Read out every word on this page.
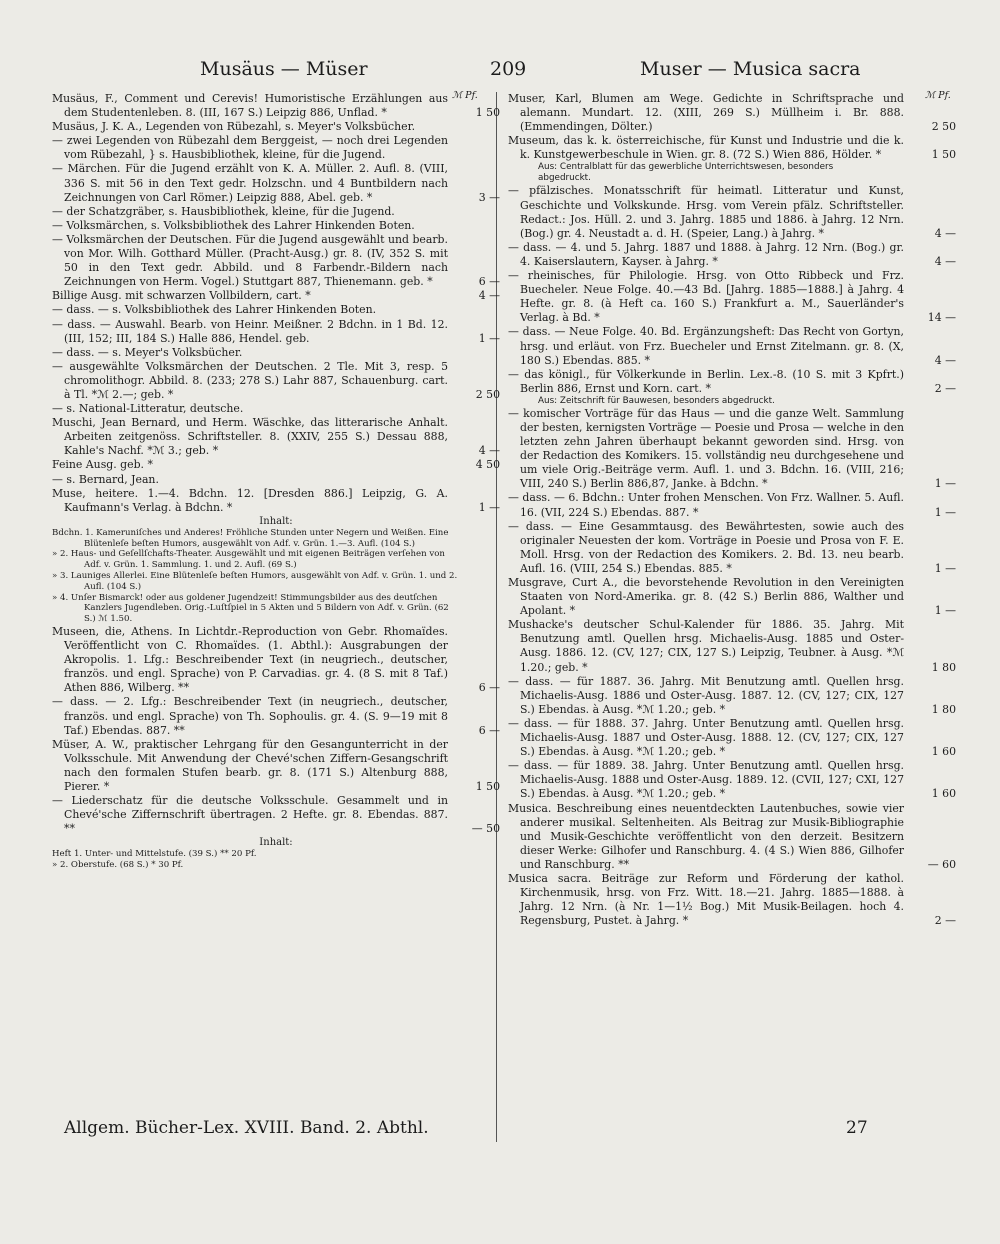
Musäus — Müser	209	Muser — Musica sacra
ℳ Pf.	ℳ Pf.
Musäus, F., Comment und Cerevis! Humoristische Erzählungen aus dem Studentenleben. 8. (III, 167 S.) Leipzig 886, Unflad. *	1 50
Musäus, J. K. A., Legenden von Rübezahl, s. Meyer's Volksbücher.
— zwei Legenden von Rübezahl dem Berggeist, — noch drei Legenden vom Rübezahl, } s. Hausbibliothek, kleine, für die Jugend.
— Märchen. Für die Jugend erzählt von K. A. Müller. 2. Aufl. 8. (VIII, 336 S. mit 56 in den Text gedr. Holzschn. und 4 Buntbildern nach Zeichnungen von Carl Römer.) Leipzig 888, Abel. geb. *	3 —
— der Schatzgräber, s. Hausbibliothek, kleine, für die Jugend.
— Volksmärchen, s. Volksbibliothek des Lahrer Hinkenden Boten.
— Volksmärchen der Deutschen. Für die Jugend ausgewählt und bearb. von Mor. Wilh. Gotthard Müller. (Pracht-Ausg.) gr. 8. (IV, 352 S. mit 50 in den Text gedr. Abbild. und 8 Farbendr.-Bildern nach Zeichnungen von Herm. Vogel.) Stuttgart 887, Thienemann. geb. *	6 —
Billige Ausg. mit schwarzen Vollbildern, cart. *	4 —
— dass. — s. Volksbibliothek des Lahrer Hinkenden Boten.
— dass. — Auswahl. Bearb. von Heinr. Meißner. 2 Bdchn. in 1 Bd. 12. (III, 152; III, 184 S.) Halle 886, Hendel. geb.	1 —
— dass. — s. Meyer's Volksbücher.
— ausgewählte Volksmärchen der Deutschen. 2 Tle. Mit 3, resp. 5 chromolithogr. Abbild. 8. (233; 278 S.) Lahr 887, Schauenburg. cart. à Tl. *ℳ 2.—; geb. *	2 50
— s. National-Litteratur, deutsche.
Muschi, Jean Bernard, und Herm. Wäschke, das litterarische Anhalt. Arbeiten zeitgenöss. Schriftsteller. 8. (XXIV, 255 S.) Dessau 888, Kahle's Nachf. *ℳ 3.; geb. *	4 —
Feine Ausg. geb. *	4 50
— s. Bernard, Jean.
Muse, heitere. 1.—4. Bdchn. 12. [Dresden 886.] Leipzig, G. A. Kaufmann's Verlag. à Bdchn. *	1 —
Inhalt:

Bdchn. 1. Kameruniſches und Anderes! Fröhliche Stunden unter Negern und Weißen. Eine Blütenleſe beſten Humors, ausgewählt von Adf. v. Grün. 1.—3. Aufl. (104 S.)

» 2. Haus- und Geſellſchafts-Theater. Ausgewählt und mit eigenen Beiträgen verſehen von Adf. v. Grün. 1. Sammlung. 1. und 2. Aufl. (69 S.)

» 3. Launiges Allerlei. Eine Blütenleſe beſten Humors, ausgewählt von Adf. v. Grün. 1. und 2. Aufl. (104 S.)

» 4. Unſer Bismarck! oder aus goldener Jugendzeit! Stimmungsbilder aus des deutſchen Kanzlers Jugendleben. Orig.-Luſtſpiel in 5 Akten und 5 Bildern von Adf. v. Grün. (62 S.) ℳ 1.50.

Museen, die, Athens. In Lichtdr.-Reproduction von Gebr. Rhomaïdes. Veröffentlicht von C. Rhomaïdes. (1. Abthl.): Ausgrabungen der Akropolis. 1. Lfg.: Beschreibender Text (in neugriech., deutscher, französ. und engl. Sprache) von P. Carvadias. gr. 4. (8 S. mit 8 Taf.) Athen 886, Wilberg. **	6 —
— dass. — 2. Lfg.: Beschreibender Text (in neugriech., deutscher, französ. und engl. Sprache) von Th. Sophoulis. gr. 4. (S. 9—19 mit 8 Taf.) Ebendas. 887. **	6 —
Müser, A. W., praktischer Lehrgang für den Gesangunterricht in der Volksschule. Mit Anwendung der Chevé'schen Ziffern-Gesangschrift nach den formalen Stufen bearb. gr. 8. (171 S.) Altenburg 888, Pierer. *	1 50
— Liederschatz für die deutsche Volksschule. Gesammelt und in Chevé'sche Ziffernschrift übertragen. 2 Hefte. gr. 8. Ebendas. 887. **	— 50
Inhalt:

Heft 1. Unter- und Mittelstufe. (39 S.) ** 20 Pf.

» 2. Oberstufe. (68 S.) * 30 Pf.

Muser, Karl, Blumen am Wege. Gedichte in Schriftsprache und alemann. Mundart. 12. (XIII, 269 S.) Müllheim i. Br. 888. (Emmendingen, Dölter.)	2 50
Museum, das k. k. österreichische, für Kunst und Industrie und die k. k. Kunstgewerbeschule in Wien. gr. 8. (72 S.) Wien 886, Hölder. *	1 50
Aus: Centralblatt für das gewerbliche Unterrichtswesen, besonders abgedruckt.
— pfälzisches. Monatsschrift für heimatl. Litteratur und Kunst, Geschichte und Volkskunde. Hrsg. vom Verein pfälz. Schriftsteller. Redact.: Jos. Hüll. 2. und 3. Jahrg. 1885 und 1886. à Jahrg. 12 Nrn. (Bog.) gr. 4. Neustadt a. d. H. (Speier, Lang.) à Jahrg. *	4 —
— dass. — 4. und 5. Jahrg. 1887 und 1888. à Jahrg. 12 Nrn. (Bog.) gr. 4. Kaiserslautern, Kayser. à Jahrg. *	4 —
— rheinisches, für Philologie. Hrsg. von Otto Ribbeck und Frz. Buecheler. Neue Folge. 40.—43 Bd. [Jahrg. 1885—1888.] à Jahrg. 4 Hefte. gr. 8. (à Heft ca. 160 S.) Frankfurt a. M., Sauerländer's Verlag. à Bd. *	14 —
— dass. — Neue Folge. 40. Bd. Ergänzungsheft: Das Recht von Gortyn, hrsg. und erläut. von Frz. Buecheler und Ernst Zitelmann. gr. 8. (X, 180 S.) Ebendas. 885. *	4 —
— das königl., für Völkerkunde in Berlin. Lex.-8. (10 S. mit 3 Kpfrt.) Berlin 886, Ernst und Korn. cart. *	2 —
Aus: Zeitschrift für Bauwesen, besonders abgedruckt.
— komischer Vorträge für das Haus — und die ganze Welt. Sammlung der besten, kernigsten Vorträge — Poesie und Prosa — welche in den letzten zehn Jahren überhaupt bekannt geworden sind. Hrsg. von der Redaction des Komikers. 15. vollständig neu durchgesehene und um viele Orig.-Beiträge verm. Aufl. 1. und 3. Bdchn. 16. (VIII, 216; VIII, 240 S.) Berlin 886,87, Janke. à Bdchn. *	1 —
— dass. — 6. Bdchn.: Unter frohen Menschen. Von Frz. Wallner. 5. Aufl. 16. (VII, 224 S.) Ebendas. 887. *	1 —
— dass. — Eine Gesammtausg. des Bewährtesten, sowie auch des originaler Neuesten der kom. Vorträge in Poesie und Prosa von F. E. Moll. Hrsg. von der Redaction des Komikers. 2. Bd. 13. neu bearb. Aufl. 16. (VIII, 254 S.) Ebendas. 885. *	1 —
Musgrave, Curt A., die bevorstehende Revolution in den Vereinigten Staaten von Nord-Amerika. gr. 8. (42 S.) Berlin 886, Walther und Apolant. *	1 —
Mushacke's deutscher Schul-Kalender für 1886. 35. Jahrg. Mit Benutzung amtl. Quellen hrsg. Michaelis-Ausg. 1885 und Oster-Ausg. 1886. 12. (CV, 127; CIX, 127 S.) Leipzig, Teubner. à Ausg. *ℳ 1.20.; geb. *	1 80
— dass. — für 1887. 36. Jahrg. Mit Benutzung amtl. Quellen hrsg. Michaelis-Ausg. 1886 und Oster-Ausg. 1887. 12. (CV, 127; CIX, 127 S.) Ebendas. à Ausg. *ℳ 1.20.; geb. *	1 80
— dass. — für 1888. 37. Jahrg. Unter Benutzung amtl. Quellen hrsg. Michaelis-Ausg. 1887 und Oster-Ausg. 1888. 12. (CV, 127; CIX, 127 S.) Ebendas. à Ausg. *ℳ 1.20.; geb. *	1 60
— dass. — für 1889. 38. Jahrg. Unter Benutzung amtl. Quellen hrsg. Michaelis-Ausg. 1888 und Oster-Ausg. 1889. 12. (CVII, 127; CXI, 127 S.) Ebendas. à Ausg. *ℳ 1.20.; geb. *	1 60
Musica. Beschreibung eines neuentdeckten Lautenbuches, sowie vier anderer musikal. Seltenheiten. Als Beitrag zur Musik-Bibliographie und Musik-Geschichte veröffentlicht von den derzeit. Besitzern dieser Werke: Gilhofer und Ranschburg. 4. (4 S.) Wien 886, Gilhofer und Ranschburg. **	— 60
Musica sacra. Beiträge zur Reform und Förderung der kathol. Kirchenmusik, hrsg. von Frz. Witt. 18.—21. Jahrg. 1885—1888. à Jahrg. 12 Nrn. (à Nr. 1—1½ Bog.) Mit Musik-Beilagen. hoch 4. Regensburg, Pustet. à Jahrg. *	2 —
Allgem. Bücher-Lex. XVIII. Band. 2. Abthl.	27
